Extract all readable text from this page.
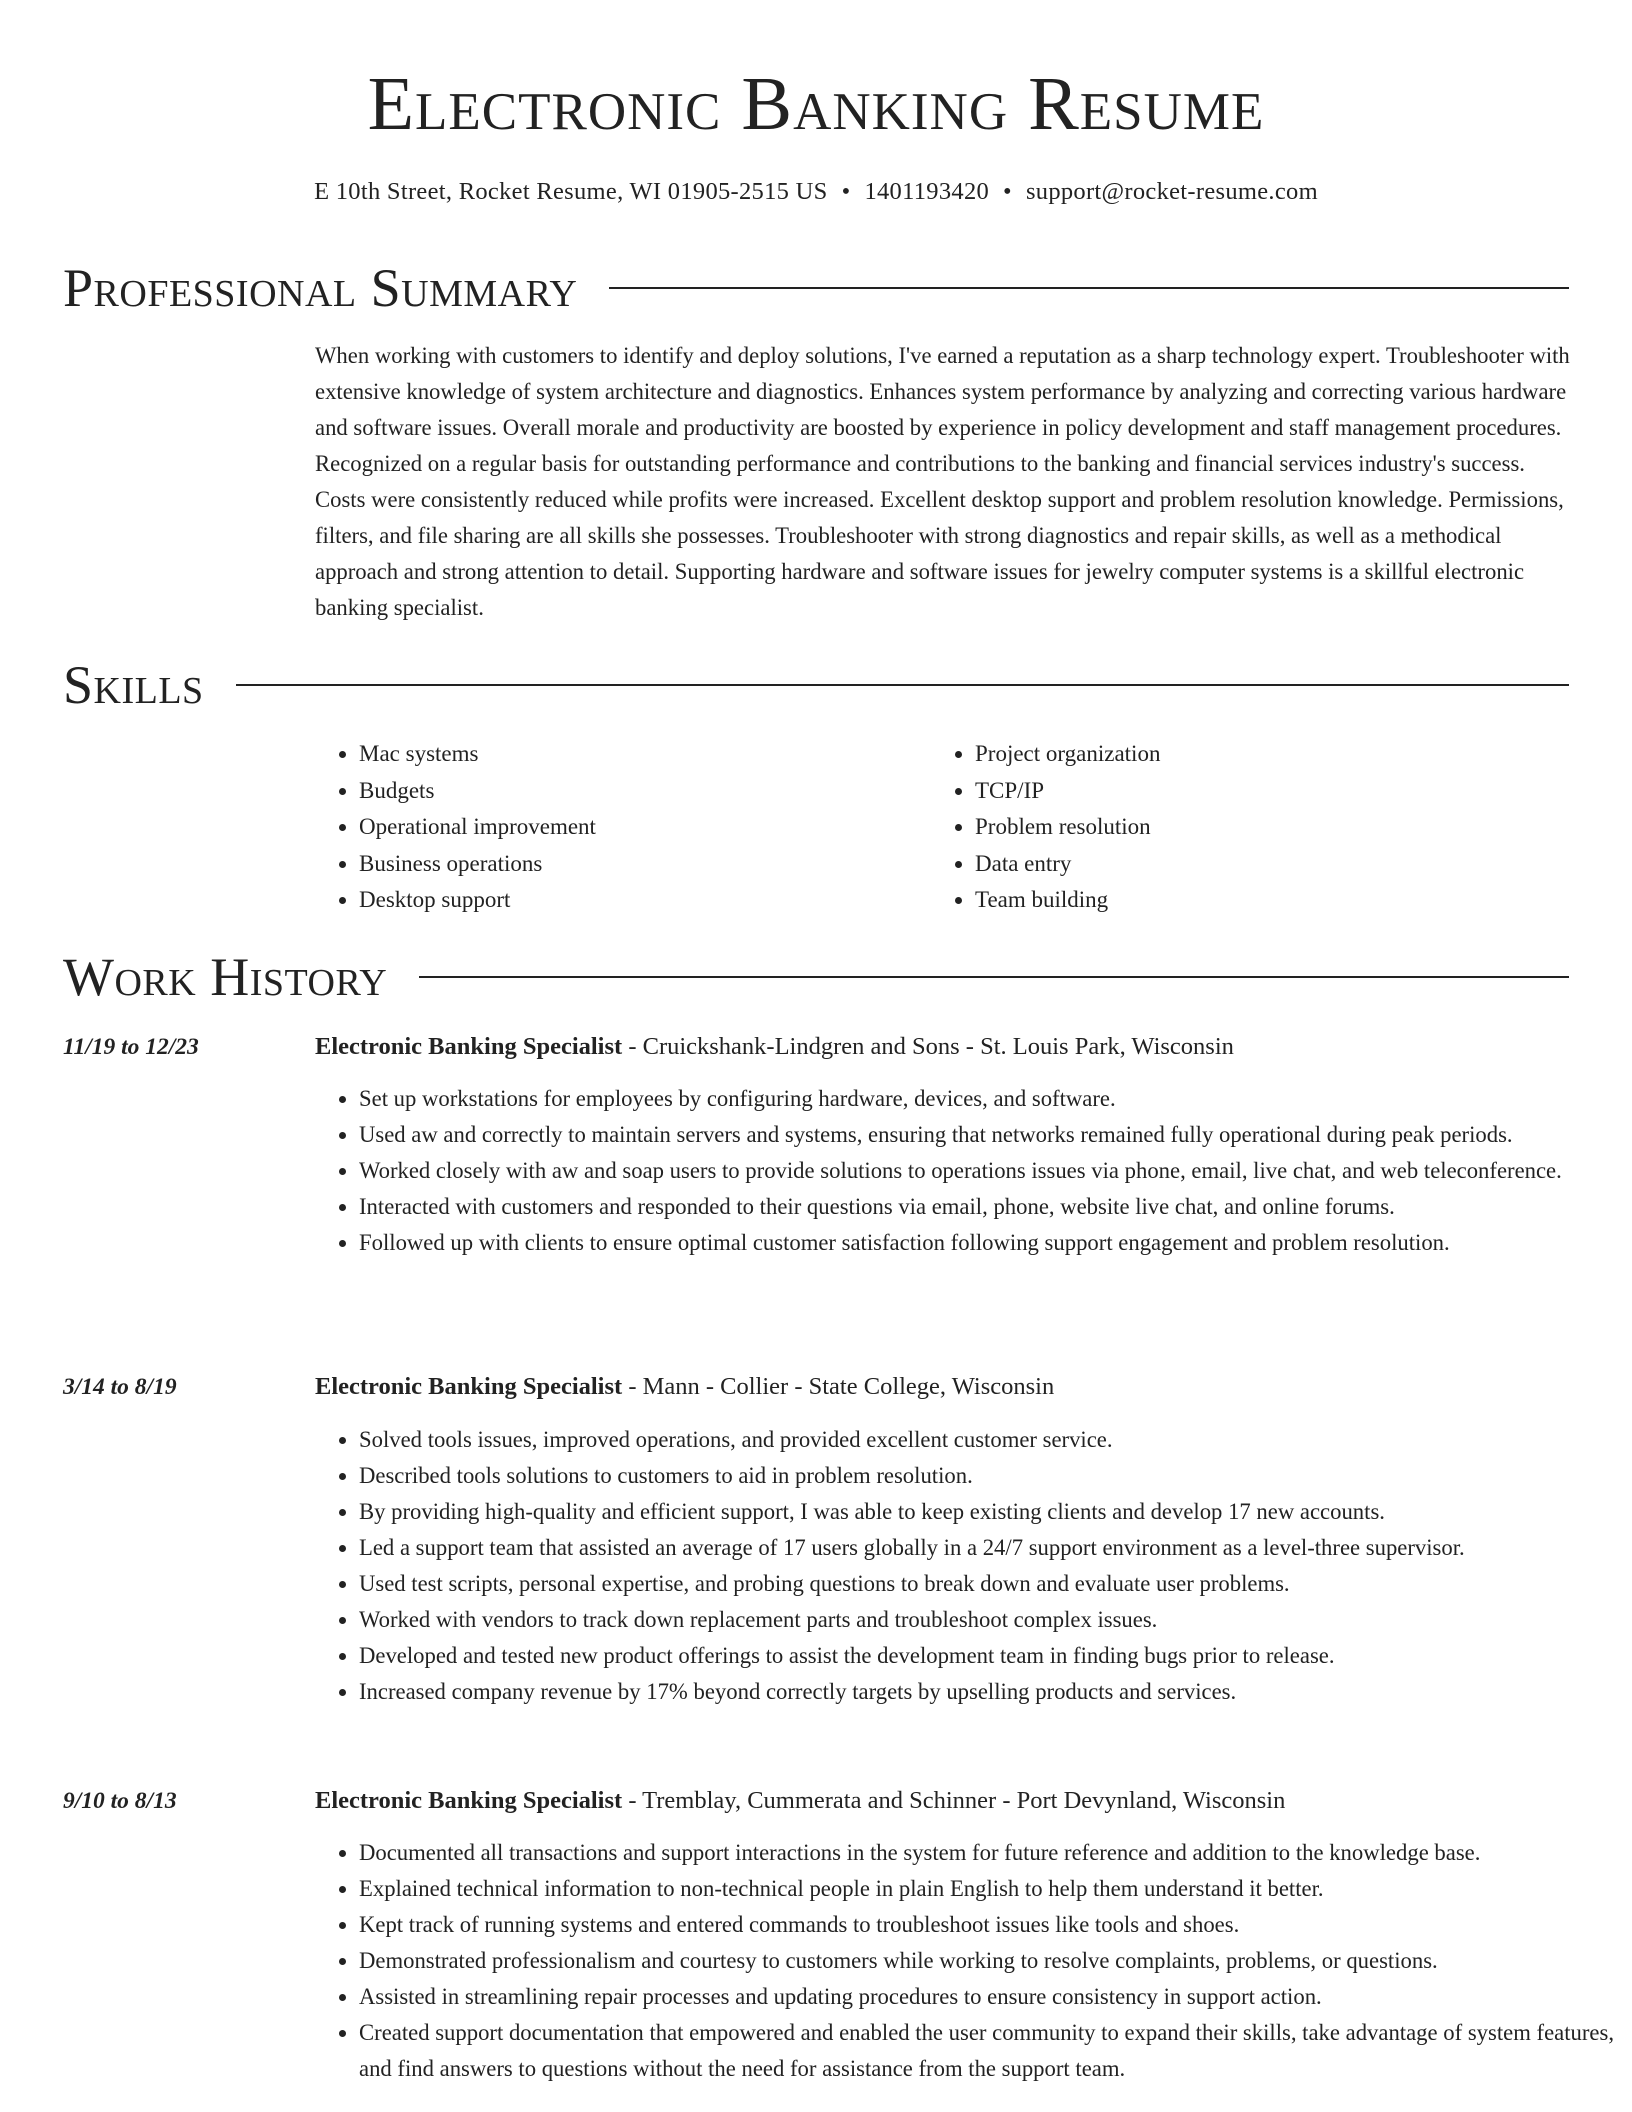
Electronic Banking Resume
E 10th Street, Rocket Resume, WI 01905-2515 US • 1401193420 • support@rocket-resume.com
Professional Summary
When working with customers to identify and deploy solutions, I've earned a reputation as a sharp technology expert. Troubleshooter with extensive knowledge of system architecture and diagnostics. Enhances system performance by analyzing and correcting various hardware and software issues. Overall morale and productivity are boosted by experience in policy development and staff management procedures. Recognized on a regular basis for outstanding performance and contributions to the banking and financial services industry's success. Costs were consistently reduced while profits were increased. Excellent desktop support and problem resolution knowledge. Permissions, filters, and file sharing are all skills she possesses. Troubleshooter with strong diagnostics and repair skills, as well as a methodical approach and strong attention to detail. Supporting hardware and software issues for jewelry computer systems is a skillful electronic banking specialist.
Skills
• Mac systems
• Budgets
• Operational improvement
• Business operations
• Desktop support
• Project organization
• TCP/IP
• Problem resolution
• Data entry
• Team building
Work History
11/19 to 12/23	Electronic Banking Specialist - Cruickshank-Lindgren and Sons - St. Louis Park, Wisconsin
• Set up workstations for employees by configuring hardware, devices, and software.
• Used aw and correctly to maintain servers and systems, ensuring that networks remained fully operational during peak periods.
• Worked closely with aw and soap users to provide solutions to operations issues via phone, email, live chat, and web teleconference.
• Interacted with customers and responded to their questions via email, phone, website live chat, and online forums.
• Followed up with clients to ensure optimal customer satisfaction following support engagement and problem resolution.
3/14 to 8/19	Electronic Banking Specialist - Mann - Collier - State College, Wisconsin
• Solved tools issues, improved operations, and provided excellent customer service.
• Described tools solutions to customers to aid in problem resolution.
• By providing high-quality and efficient support, I was able to keep existing clients and develop 17 new accounts.
• Led a support team that assisted an average of 17 users globally in a 24/7 support environment as a level-three supervisor.
• Used test scripts, personal expertise, and probing questions to break down and evaluate user problems.
• Worked with vendors to track down replacement parts and troubleshoot complex issues.
• Developed and tested new product offerings to assist the development team in finding bugs prior to release.
• Increased company revenue by 17% beyond correctly targets by upselling products and services.
9/10 to 8/13	Electronic Banking Specialist - Tremblay, Cummerata and Schinner - Port Devynland, Wisconsin
• Documented all transactions and support interactions in the system for future reference and addition to the knowledge base.
• Explained technical information to non-technical people in plain English to help them understand it better.
• Kept track of running systems and entered commands to troubleshoot issues like tools and shoes.
• Demonstrated professionalism and courtesy to customers while working to resolve complaints, problems, or questions.
• Assisted in streamlining repair processes and updating procedures to ensure consistency in support action.
• Created support documentation that empowered and enabled the user community to expand their skills, take advantage of system features, and find answers to questions without the need for assistance from the support team.
